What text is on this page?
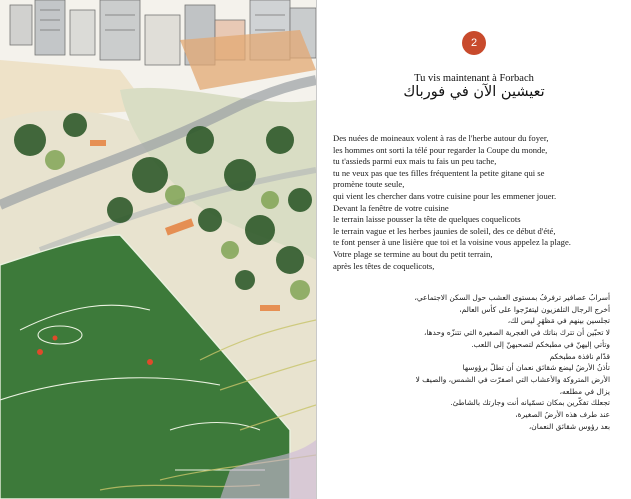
2
Tu vis maintenant à Forbach
تعيشين الآن في فورباك
Des nuées de moineaux volent à ras de l'herbe autour du foyer,
les hommes ont sorti la télé pour regarder la Coupe du monde,
tu t'assieds parmi eux mais tu fais un peu tache,
tu ne veux pas que tes filles fréquentent la petite gitane qui se
promène toute seule,
qui vient les chercher dans votre cuisine pour les emmener jouer.
Devant la fenêtre de votre cuisine
le terrain laisse pousser la tête de quelques coquelicots
le terrain vague et les herbes jaunies de soleil, des ce début d'été,
te font penser à une lisière que toi et la voisine vous appelez la plage.
Votre plage se termine au bout du petit terrain,
après les têtes de coquelicots,
أسرابُ عصافير ترفرفُ بمستوى العشب حول السكن الاجتماعي،
أخرج الرجال التلفزيون ليتفرّجوا على كأس العالم،
تجلسين بينهم في مَظهَرٍ ليس لك،
لا تحبّين أن تترك بناتك في الغجرية الصغيرة التي تتنزّه وحدها،
وتأتي إليهنّ في مطبخكم لتصحبهنّ إلى اللعب.
قدّام نافذة مطبخكم
تأذنُ الأرضُ ليضع شقائق نعمان أن تطلّ برؤوسها
الأرض المتروكة والأعشاب التي اصفرّت في الشمس، والصيف لا
يزال في مطلعه،
تجعلك تفكّرين بمكان تسمّيانه أنت وجارتك بالشاطئ.
عند طرف هذه الأرضُ الصغيرة،
بعد رؤوس شقائق النعمان،
